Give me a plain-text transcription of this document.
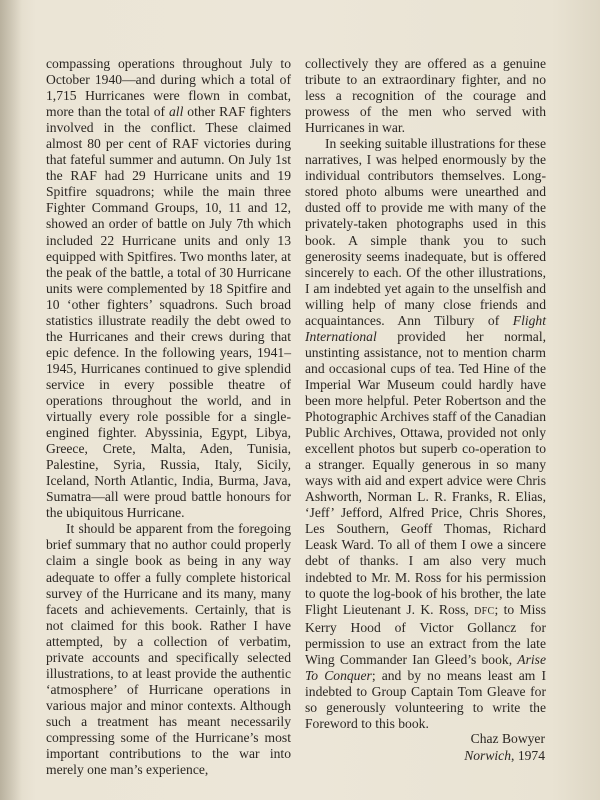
compassing operations throughout July to October 1940—and during which a total of 1,715 Hurricanes were flown in combat, more than the total of all other RAF fighters involved in the conflict. These claimed almost 80 per cent of RAF victories during that fateful summer and autumn. On July 1st the RAF had 29 Hurricane units and 19 Spitfire squadrons; while the main three Fighter Command Groups, 10, 11 and 12, showed an order of battle on July 7th which included 22 Hurricane units and only 13 equipped with Spitfires. Two months later, at the peak of the battle, a total of 30 Hurricane units were complemented by 18 Spitfire and 10 ‘other fighters’ squadrons. Such broad statistics illustrate readily the debt owed to the Hurricanes and their crews during that epic defence. In the following years, 1941–1945, Hurricanes continued to give splendid service in every possible theatre of operations throughout the world, and in virtually every role possible for a single-engined fighter. Abyssinia, Egypt, Libya, Greece, Crete, Malta, Aden, Tunisia, Palestine, Syria, Russia, Italy, Sicily, Iceland, North Atlantic, India, Burma, Java, Sumatra—all were proud battle honours for the ubiquitous Hurricane.

It should be apparent from the foregoing brief summary that no author could properly claim a single book as being in any way adequate to offer a fully complete historical survey of the Hurricane and its many, many facets and achievements. Certainly, that is not claimed for this book. Rather I have attempted, by a collection of verbatim, private accounts and specifically selected illustrations, to at least provide the authentic ‘atmosphere’ of Hurricane operations in various major and minor contexts. Although such a treatment has meant necessarily compressing some of the Hurricane’s most important contributions to the war into merely one man’s experience,

collectively they are offered as a genuine tribute to an extraordinary fighter, and no less a recognition of the courage and prowess of the men who served with Hurricanes in war.

In seeking suitable illustrations for these narratives, I was helped enormously by the individual contributors themselves. Long-stored photo albums were unearthed and dusted off to provide me with many of the privately-taken photographs used in this book. A simple thank you to such generosity seems inadequate, but is offered sincerely to each. Of the other illustrations, I am indebted yet again to the unselfish and willing help of many close friends and acquaintances. Ann Tilbury of Flight International provided her normal, unstinting assistance, not to mention charm and occasional cups of tea. Ted Hine of the Imperial War Museum could hardly have been more helpful. Peter Robertson and the Photographic Archives staff of the Canadian Public Archives, Ottawa, provided not only excellent photos but superb co-operation to a stranger. Equally generous in so many ways with aid and expert advice were Chris Ashworth, Norman L. R. Franks, R. Elias, ‘Jeff’ Jefford, Alfred Price, Chris Shores, Les Southern, Geoff Thomas, Richard Leask Ward. To all of them I owe a sincere debt of thanks. I am also very much indebted to Mr. M. Ross for his permission to quote the log-book of his brother, the late Flight Lieutenant J. K. Ross, DFC; to Miss Kerry Hood of Victor Gollancz for permission to use an extract from the late Wing Commander Ian Gleed’s book, Arise To Conquer; and by no means least am I indebted to Group Captain Tom Gleave for so generously volunteering to write the Foreword to this book.

Chaz Bowyer
Norwich, 1974
